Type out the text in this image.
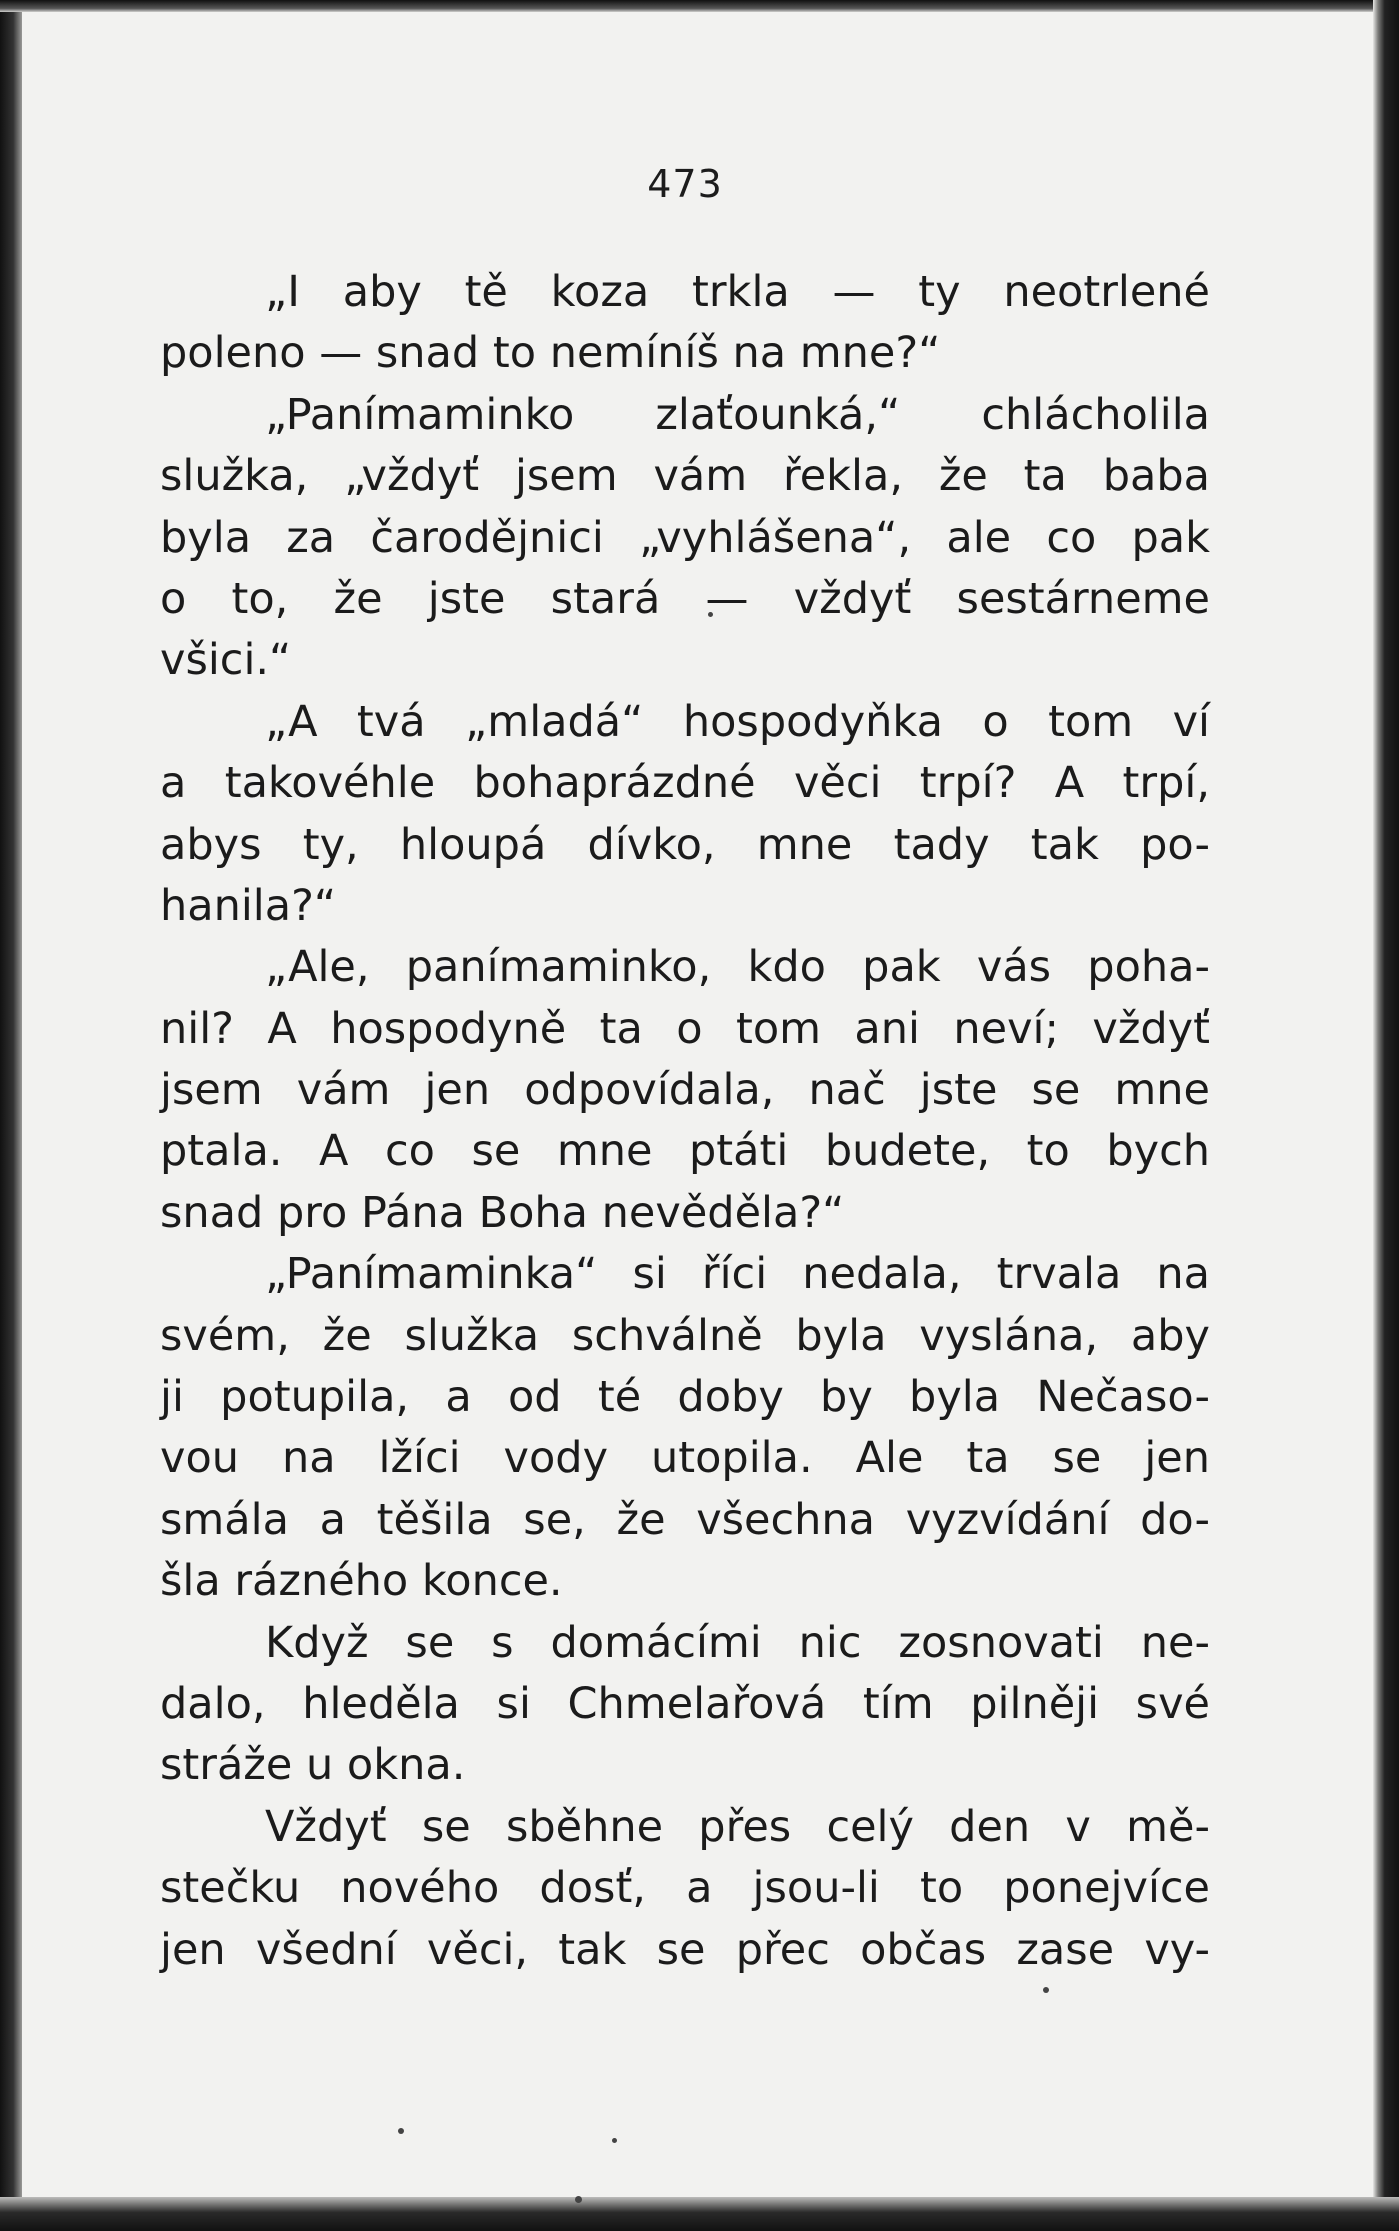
473
„I aby tě koza trkla — ty neotrlené
poleno — snad to nemíníš na mne?“
„Panímaminko zlaťounká,“ chlácholila
služka, „vždyť jsem vám řekla, že ta baba
byla za čarodějnici „vyhlášena“, ale co pak
o to, že jste stará — vždyť sestárneme
všici.“
„A tvá „mladá“ hospodyňka o tom ví
a takovéhle bohaprázdné věci trpí? A trpí,
abys ty, hloupá dívko, mne tady tak po-
hanila?“
„Ale, panímaminko, kdo pak vás poha-
nil? A hospodyně ta o tom ani neví; vždyť
jsem vám jen odpovídala, nač jste se mne
ptala. A co se mne ptáti budete, to bych
snad pro Pána Boha nevěděla?“
„Panímaminka“ si říci nedala, trvala na
svém, že služka schválně byla vyslána, aby
ji potupila, a od té doby by byla Nečaso-
vou na lžíci vody utopila. Ale ta se jen
smála a těšila se, že všechna vyzvídání do-
šla rázného konce.
Když se s domácími nic zosnovati ne-
dalo, hleděla si Chmelařová tím pilněji své
stráže u okna.
Vždyť se sběhne přes celý den v mě-
stečku nového dosť, a jsou-li to ponejvíce
jen všední věci, tak se přec občas zase vy-
